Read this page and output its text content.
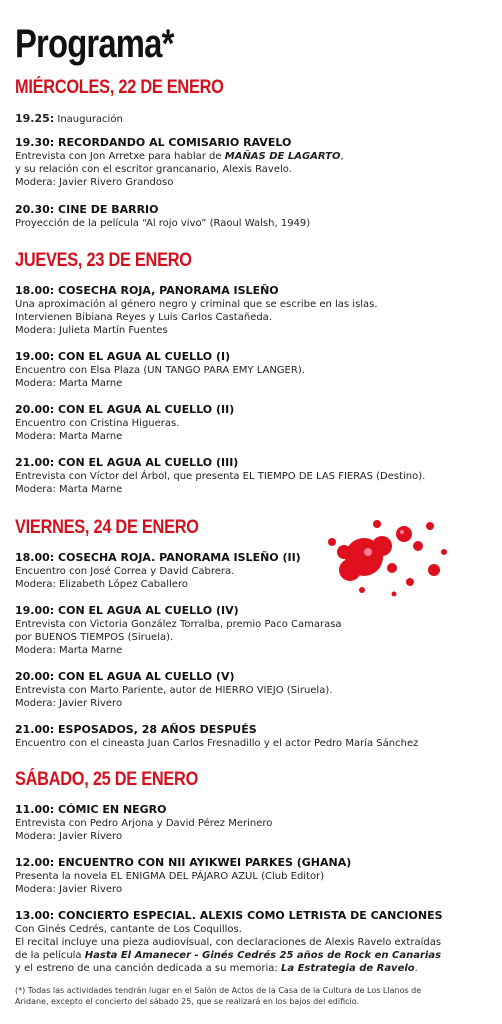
Programa*
MIÉRCOLES, 22 DE ENERO
19.25: Inauguración
19.30: RECORDANDO AL COMISARIO RAVELO
Entrevista con Jon Arretxe para hablar de MAÑAS DE LAGARTO,
y su relación con el escritor grancanario, Alexis Ravelo.
Modera: Javier Rivero Grandoso
20.30: CINE DE BARRIO
Proyección de la película “Al rojo vivo” (Raoul Walsh, 1949)
JUEVES, 23 DE ENERO
18.00: COSECHA ROJA, PANORAMA ISLEÑO
Una aproximación al género negro y criminal que se escribe en las islas.
Intervienen Bibiana Reyes y Luis Carlos Castañeda.
Modera: Julieta Martín Fuentes
19.00: CON EL AGUA AL CUELLO (I)
Encuentro con Elsa Plaza (UN TANGO PARA EMY LANGER).
Modera: Marta Marne
20.00: CON EL AGUA AL CUELLO (II)
Encuentro con Cristina Higueras.
Modera: Marta Marne
21.00: CON EL AGUA AL CUELLO (III)
Entrevista con Víctor del Árbol, que presenta EL TIEMPO DE LAS FIERAS (Destino).
Modera: Marta Marne
VIERNES, 24 DE ENERO
18.00: COSECHA ROJA. PANORAMA ISLEÑO (II)
Encuentro con José Correa y David Cabrera.
Modera: Elizabeth López Caballero
19.00: CON EL AGUA AL CUELLO (IV)
Entrevista con Victoria González Torralba, premio Paco Camarasa
por BUENOS TIEMPOS (Siruela).
Modera: Marta Marne
20.00: CON EL AGUA AL CUELLO (V)
Entrevista con Marto Pariente, autor de HIERRO VIEJO (Siruela).
Modera: Javier Rivero
21.00: ESPOSADOS, 28 AÑOS DESPUÉS
Encuentro con el cineasta Juan Carlos Fresnadillo y el actor Pedro María Sánchez
SÁBADO, 25 DE ENERO
11.00: CÓMIC EN NEGRO
Entrevista con Pedro Arjona y David Pérez Merinero
Modera: Javier Rivero
12.00: ENCUENTRO CON NII AYIKWEI PARKES (GHANA)
Presenta la novela EL ENIGMA DEL PÁJARO AZUL (Club Editor)
Modera: Javier Rivero
13.00: CONCIERTO ESPECIAL. ALEXIS COMO LETRISTA DE CANCIONES
Con Ginés Cedrés, cantante de Los Coquillos.
El recital incluye una pieza audiovisual, con declaraciones de Alexis Ravelo extraídas
de la película Hasta El Amanecer - Ginés Cedrés 25 años de Rock en Canarias
y el estreno de una canción dedicada a su memoria: La Estrategia de Ravelo.
(*) Todas las actividades tendrán lugar en el Salón de Actos de la Casa de la Cultura de Los Llanos de
Aridane, excepto el concierto del sábado 25, que se realizará en los bajos del edificio.
